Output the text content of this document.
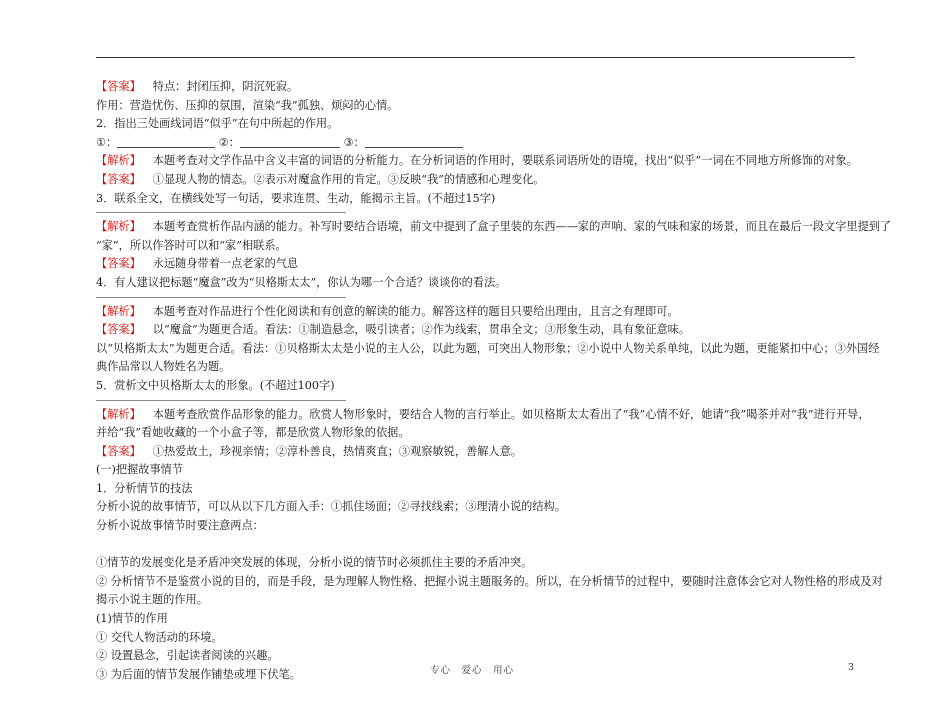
【答案】 特点：封闭压抑，阴沉死寂。
作用：营造忧伤、压抑的氛围，渲染“我”孤独、烦闷的心情。
2．指出三处画线词语“似乎”在句中所起的作用。
①：	②：	③：
【解析】 本题考查对文学作品中含义丰富的词语的分析能力。在分析词语的作用时，要联系词语所处的语境，找出“似乎”一词在不同地方所修饰的对象。
【答案】 ①显现人物的情态。②表示对魔盒作用的肯定。③反映“我”的情感和心理变化。
3．联系全文，在横线处写一句话，要求连贯、生动，能揭示主旨。(不超过15字)
【解析】 本题考查赏析作品内涵的能力。补写时要结合语境，前文中提到了盒子里装的东西——家的声响、家的气味和家的场景，而且在最后一段文字里提到了
“家”，所以作答时可以和“家”相联系。
【答案】 永远随身带着一点老家的气息
4．有人建议把标题“魔盒”改为“贝格斯太太”，你认为哪一个合适？谈谈你的看法。
【解析】 本题考查对作品进行个性化阅读和有创意的解读的能力。解答这样的题目只要给出理由，且言之有理即可。
【答案】 以“魔盒”为题更合适。看法：①制造悬念，吸引读者；②作为线索，贯串全文；③形象生动，具有象征意味。
以“贝格斯太太”为题更合适。看法：①贝格斯太太是小说的主人公，以此为题，可突出人物形象；②小说中人物关系单纯，以此为题，更能紧扣中心；③外国经
典作品常以人物姓名为题。
5．赏析文中贝格斯太太的形象。(不超过100字)
【解析】 本题考查欣赏作品形象的能力。欣赏人物形象时，要结合人物的言行举止。如贝格斯太太看出了“我”心情不好，她请“我”喝茶并对“我”进行开导，
并给“我”看她收藏的一个小盒子等，都是欣赏人物形象的依据。
【答案】 ①热爱故土，珍视亲情；②淳朴善良，热情爽直；③观察敏锐，善解人意。
(一)把握故事情节
1．分析情节的技法
分析小说的故事情节，可以从以下几方面入手：①抓住场面；②寻找线索；③理清小说的结构。
分析小说故事情节时要注意两点：
①情节的发展变化是矛盾冲突发展的体现，分析小说的情节时必须抓住主要的矛盾冲突。
② 分析情节不是鉴赏小说的目的，而是手段，是为理解人物性格、把握小说主题服务的。所以，在分析情节的过程中，要随时注意体会它对人物性格的形成及对
揭示小说主题的作用。
(1)情节的作用
① 交代人物活动的环境。
② 设置悬念，引起读者阅读的兴趣。
③ 为后面的情节发展作铺垫或埋下伏笔。	专心　爱心　用心	3
